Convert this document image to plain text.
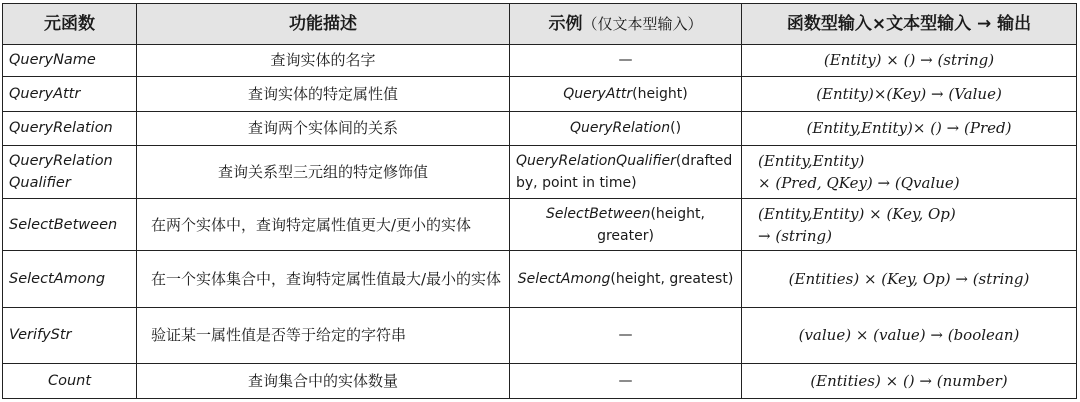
元函数	功能描述	示例（仅文本型输入）	函数型输入×文本型输入 → 输出
QueryName	查询实体的名字	—	(Entity) × () → (string)
QueryAttr	查询实体的特定属性值	QueryAttr(height)	(Entity)×(Key) → (Value)
QueryRelation	查询两个实体间的关系	QueryRelation()	(Entity,Entity)× () → (Pred)
QueryRelation Qualifier	查询关系型三元组的特定修饰值	QueryRelationQualifier(drafted by, point in time)	(Entity,Entity)
× (Pred, QKey) → (Qvalue)

SelectBetween	在两个实体中，查询特定属性值更大/更小的实体	SelectBetween(height, greater)	(Entity,Entity) × (Key, Op)
→ (string)

SelectAmong	在一个实体集合中，查询特定属性值最大/最小的实体	SelectAmong(height, greatest)	(Entities) × (Key, Op) → (string)
VerifyStr	验证某一属性值是否等于给定的字符串	—	(value) × (value) → (boolean)
Count	查询集合中的实体数量	—	(Entities) × () → (number)
